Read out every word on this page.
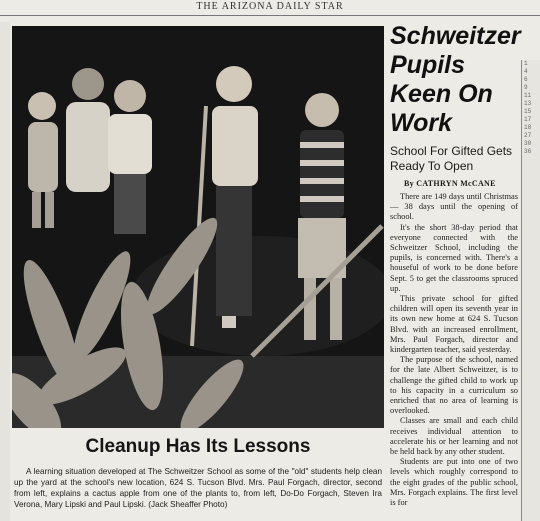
THE ARIZONA DAILY STAR
1
4
6
9
11
13
15
17
18
27
30
36
Cleanup Has Its Lessons
A learning situation developed at The Schweitzer School as some of the "old" students help clean up the yard at the school's new location, 624 S. Tucson Blvd. Mrs. Paul Forgach, director, second from left, explains a cactus apple from one of the plants to, from left, Do-Do Forgach, Steven Ira Verona, Mary Lipski and Paul Lipski. (Jack Sheaffer Photo)
Schweitzer Pupils Keen On Work

School For Gifted Gets Ready To Open

By CATHRYN McCANE

There are 149 days until Christmas — 38 days until the opening of school.

It's the short 38-day period that everyone connected with the Schweitzer School, including the pupils, is concerned with. There's a houseful of work to be done before Sept. 5 to get the classrooms spruced up.

This private school for gifted children will open its seventh year in its own new home at 624 S. Tucson Blvd. with an increased enrollment, Mrs. Paul Forgach, director and kindergarten teacher, said yesterday.

The purpose of the school, named for the late Albert Schweitzer, is to challenge the gifted child to work up to his capacity in a curriculum so enriched that no area of learning is overlooked.

Classes are small and each child receives individual attention to accelerate his or her learning and not be held back by any other student.

Students are put into one of two levels which roughly correspond to the eight grades of the public school, Mrs. Forgach explains. The first level is for
